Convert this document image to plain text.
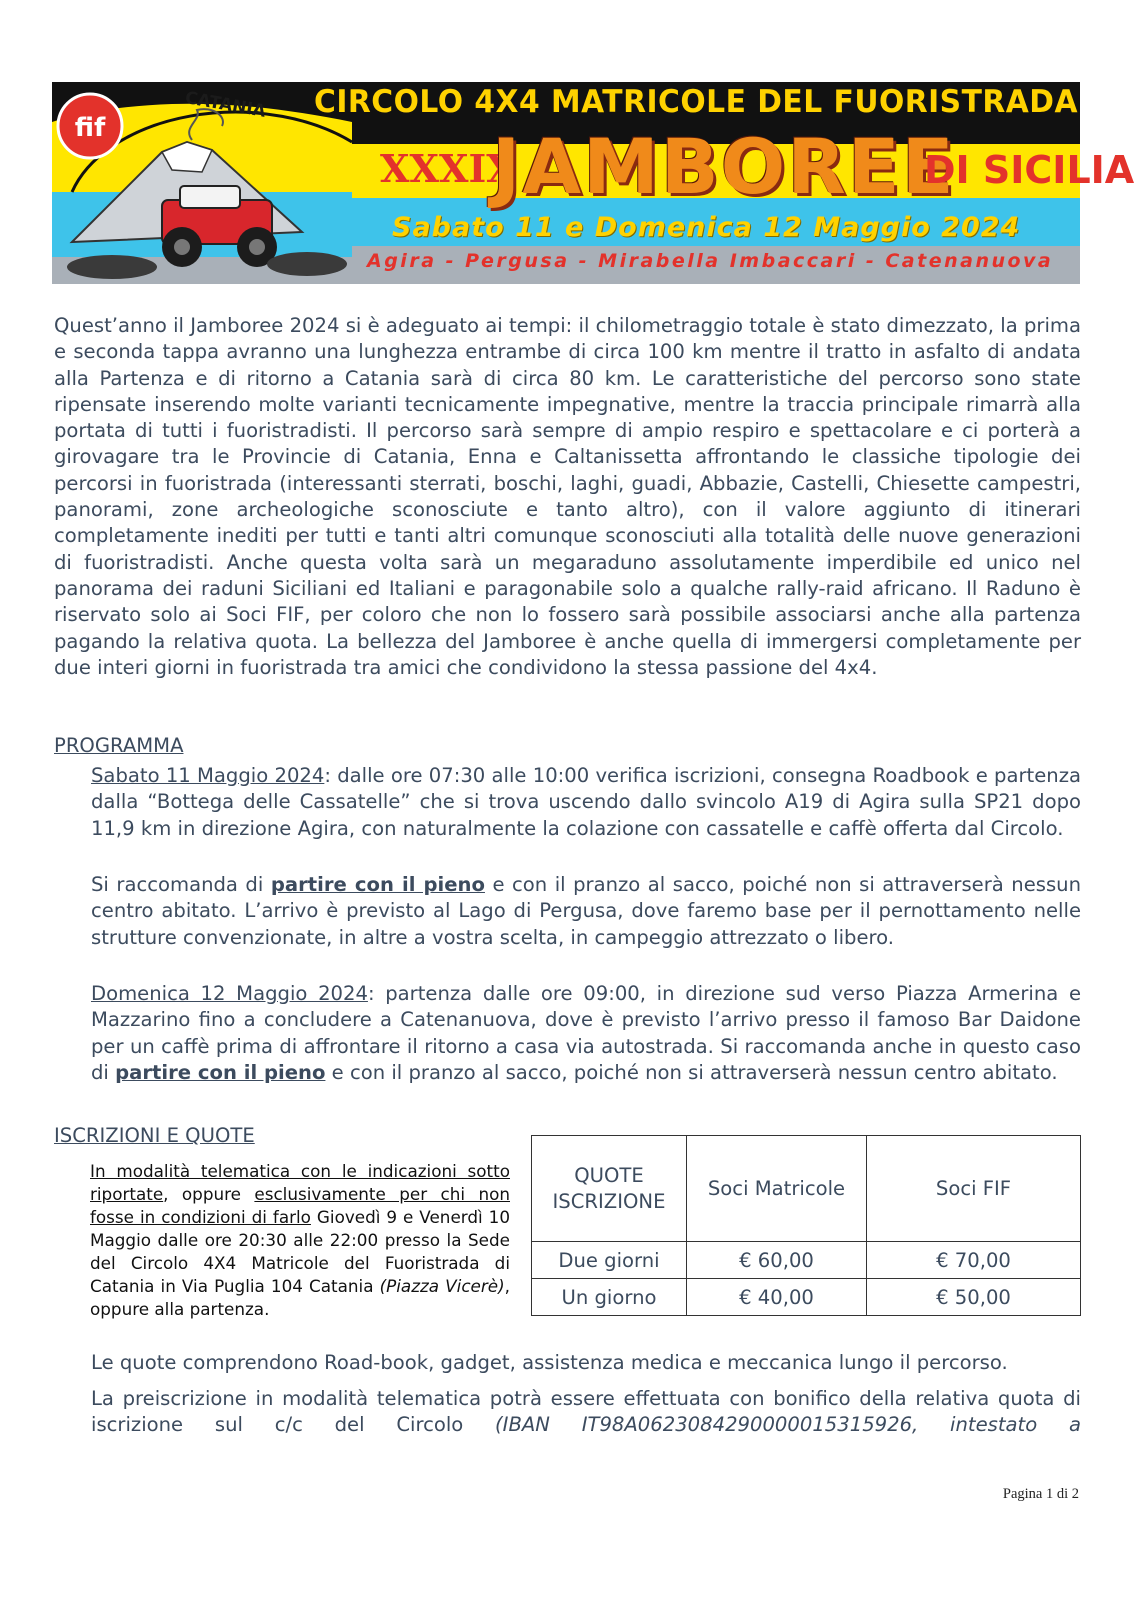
fif
CATANIA CIRCOLO 4X4 MATRICOLE DEL FUORISTRADA
XXXIX
JAMBOREE
DI SICILIA
Sabato 11 e Domenica 12 Maggio 2024
Agira - Pergusa - Mirabella Imbaccari - Catenanuova

Quest’anno il Jamboree 2024 si è adeguato ai tempi: il chilometraggio totale è stato dimezzato, la prima e seconda tappa avranno una lunghezza entrambe di circa 100 km mentre il tratto in asfalto di andata alla Partenza e di ritorno a Catania sarà di circa 80 km. Le caratteristiche del percorso sono state ripensate inserendo molte varianti tecnicamente impegnative, mentre la traccia principale rimarrà alla portata di tutti i fuoristradisti. Il percorso sarà sempre di ampio respiro e spettacolare e ci porterà a girovagare tra le Provincie di Catania, Enna e Caltanissetta affrontando le classiche tipologie dei percorsi in fuoristrada (interessanti sterrati, boschi, laghi, guadi, Abbazie, Castelli, Chiesette campestri, panorami, zone archeologiche sconosciute e tanto altro), con il valore aggiunto di itinerari completamente inediti per tutti e tanti altri comunque sconosciuti alla totalità delle nuove generazioni di fuoristradisti. Anche questa volta sarà un megaraduno assolutamente imperdibile ed unico nel panorama dei raduni Siciliani ed Italiani e paragonabile solo a qualche rally-raid africano. Il Raduno è riservato solo ai Soci FIF, per coloro che non lo fossero sarà possibile associarsi anche alla partenza pagando la relativa quota. La bellezza del Jamboree è anche quella di immergersi completamente per due interi giorni in fuoristrada tra amici che condividono la stessa passione del 4x4.

PROGRAMMA

Sabato 11 Maggio 2024: dalle ore 07:30 alle 10:00 verifica iscrizioni, consegna Roadbook e partenza dalla “Bottega delle Cassatelle” che si trova uscendo dallo svincolo A19 di Agira sulla SP21 dopo 11,9 km in direzione Agira, con naturalmente la colazione con cassatelle e caffè offerta dal Circolo.

Si raccomanda di partire con il pieno e con il pranzo al sacco, poiché non si attraverserà nessun centro abitato. L’arrivo è previsto al Lago di Pergusa, dove faremo base per il pernottamento nelle strutture convenzionate, in altre a vostra scelta, in campeggio attrezzato o libero.

Domenica 12 Maggio 2024: partenza dalle ore 09:00, in direzione sud verso Piazza Armerina e Mazzarino fino a concludere a Catenanuova, dove è previsto l’arrivo presso il famoso Bar Daidone per un caffè prima di affrontare il ritorno a casa via autostrada. Si raccomanda anche in questo caso di partire con il pieno e con il pranzo al sacco, poiché non si attraverserà nessun centro abitato.

ISCRIZIONI E QUOTE

In modalità telematica con le indicazioni sotto riportate, oppure esclusivamente per chi non fosse in condizioni di farlo Giovedì 9 e Venerdì 10 Maggio dalle ore 20:30 alle 22:00 presso la Sede del Circolo 4X4 Matricole del Fuoristrada di Catania in Via Puglia 104 Catania (Piazza Vicerè), oppure alla partenza.

QUOTE ISCRIZIONE	Soci Matricole	Soci FIF
Due giorni	€ 60,00	€ 70,00
Un giorno	€ 40,00	€ 50,00

Le quote comprendono Road-book, gadget, assistenza medica e meccanica lungo il percorso.

La preiscrizione in modalità telematica potrà essere effettuata con bonifico della relativa quota di iscrizione sul c/c del Circolo (IBAN IT98A0623084290000015315926, intestato a

Pagina 1 di 2
